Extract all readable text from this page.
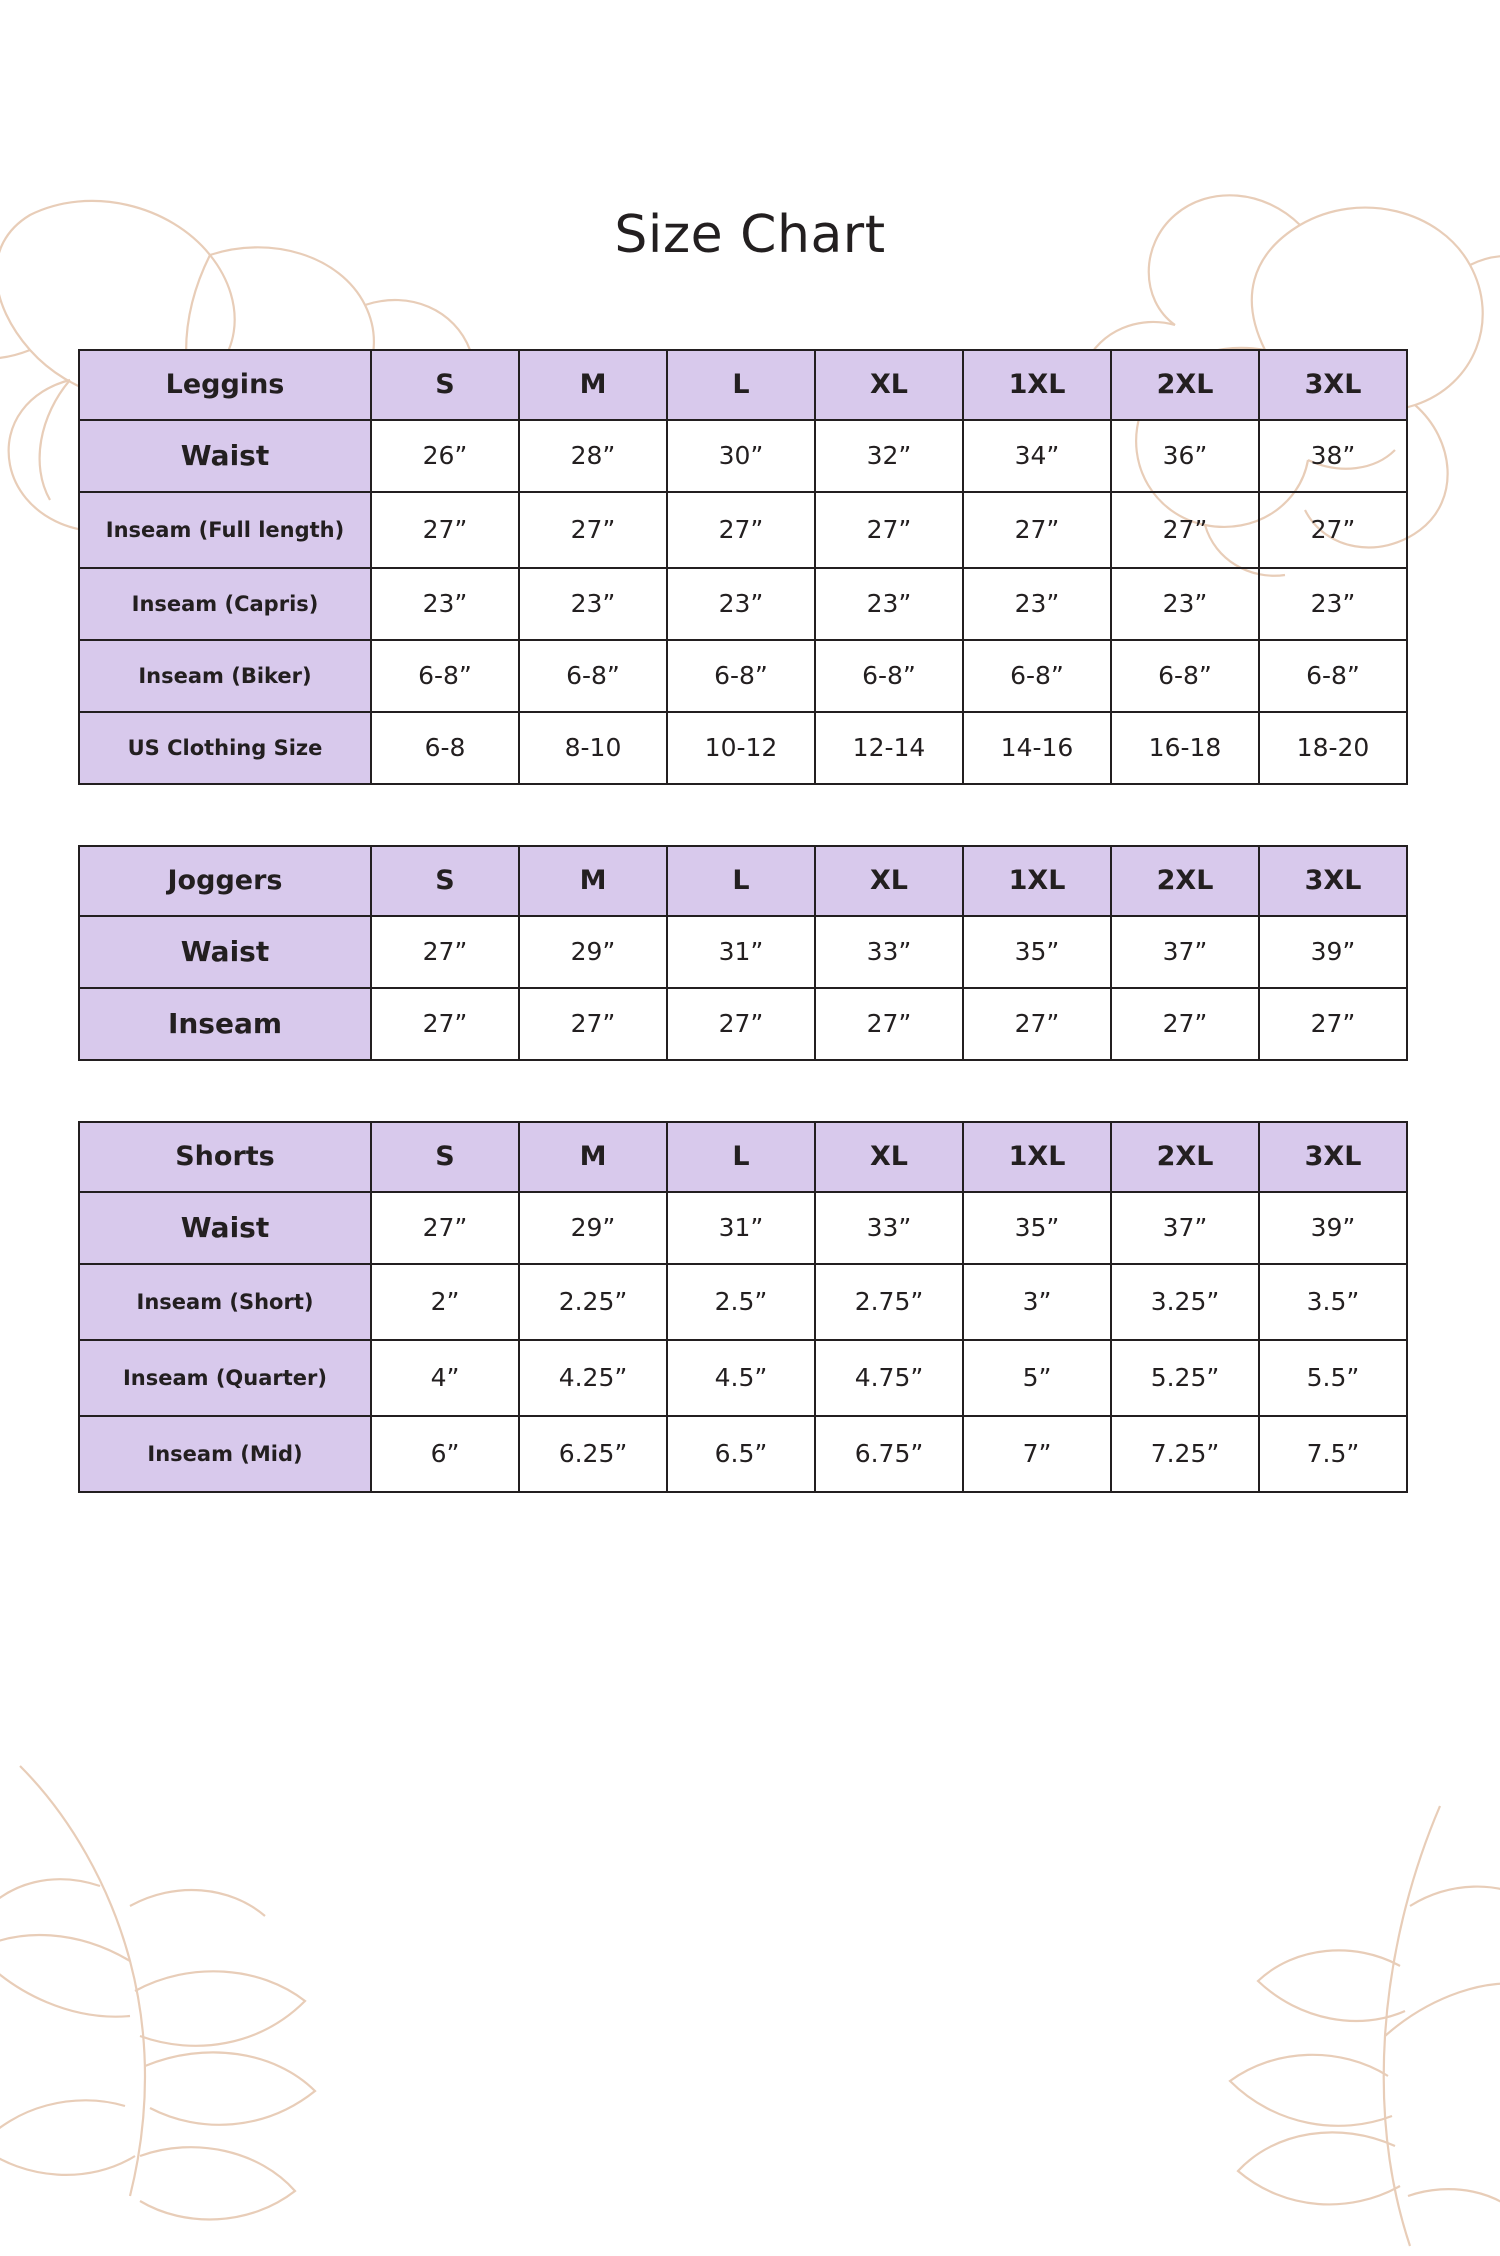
Size Chart
Leggins	S	M	L	XL	1XL	2XL	3XL
Waist	26”	28”	30”	32”	34”	36”	38”
Inseam (Full length)	27”	27”	27”	27”	27”	27”	27”
Inseam (Capris)	23”	23”	23”	23”	23”	23”	23”
Inseam (Biker)	6-8”	6-8”	6-8”	6-8”	6-8”	6-8”	6-8”
US Clothing Size	6-8	8-10	10-12	12-14	14-16	16-18	18-20
Joggers	S	M	L	XL	1XL	2XL	3XL
Waist	27”	29”	31”	33”	35”	37”	39”
Inseam	27”	27”	27”	27”	27”	27”	27”
Shorts	S	M	L	XL	1XL	2XL	3XL
Waist	27”	29”	31”	33”	35”	37”	39”
Inseam (Short)	2”	2.25”	2.5”	2.75”	3”	3.25”	3.5”
Inseam (Quarter)	4”	4.25”	4.5”	4.75”	5”	5.25”	5.5”
Inseam (Mid)	6”	6.25”	6.5”	6.75”	7”	7.25”	7.5”
